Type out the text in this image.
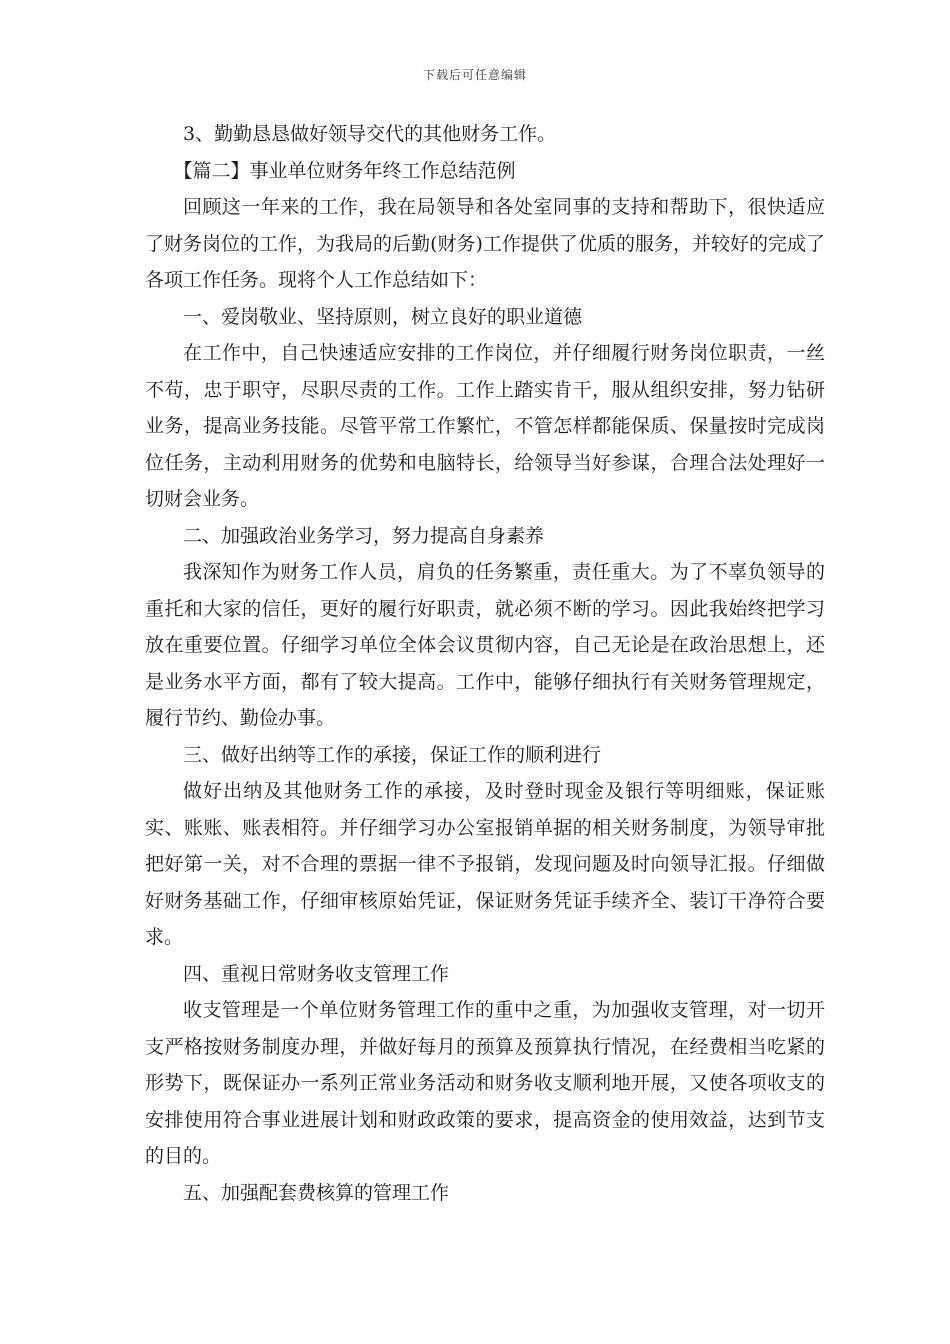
下载后可任意编辑

3、勤勤恳恳做好领导交代的其他财务工作。

【篇二】事业单位财务年终工作总结范例

回顾这一年来的工作，我在局领导和各处室同事的支持和帮助下，很快适应了财务岗位的工作，为我局的后勤(财务)工作提供了优质的服务，并较好的完成了各项工作任务。现将个人工作总结如下：

一、爱岗敬业、坚持原则，树立良好的职业道德

在工作中，自己快速适应安排的工作岗位，并仔细履行财务岗位职责，一丝不苟，忠于职守，尽职尽责的工作。工作上踏实肯干，服从组织安排，努力钻研业务，提高业务技能。尽管平常工作繁忙，不管怎样都能保质、保量按时完成岗位任务，主动利用财务的优势和电脑特长，给领导当好参谋，合理合法处理好一切财会业务。

二、加强政治业务学习，努力提高自身素养

我深知作为财务工作人员，肩负的任务繁重，责任重大。为了不辜负领导的重托和大家的信任，更好的履行好职责，就必须不断的学习。因此我始终把学习放在重要位置。仔细学习单位全体会议贯彻内容，自己无论是在政治思想上，还是业务水平方面，都有了较大提高。工作中，能够仔细执行有关财务管理规定，履行节约、勤俭办事。

三、做好出纳等工作的承接，保证工作的顺利进行

做好出纳及其他财务工作的承接，及时登时现金及银行等明细账，保证账实、账账、账表相符。并仔细学习办公室报销单据的相关财务制度，为领导审批把好第一关，对不合理的票据一律不予报销，发现问题及时向领导汇报。仔细做好财务基础工作，仔细审核原始凭证，保证财务凭证手续齐全、装订干净符合要求。

四、重视日常财务收支管理工作

收支管理是一个单位财务管理工作的重中之重，为加强收支管理，对一切开支严格按财务制度办理，并做好每月的预算及预算执行情况，在经费相当吃紧的形势下，既保证办一系列正常业务活动和财务收支顺利地开展，又使各项收支的安排使用符合事业进展计划和财政政策的要求，提高资金的使用效益，达到节支的目的。

五、加强配套费核算的管理工作
